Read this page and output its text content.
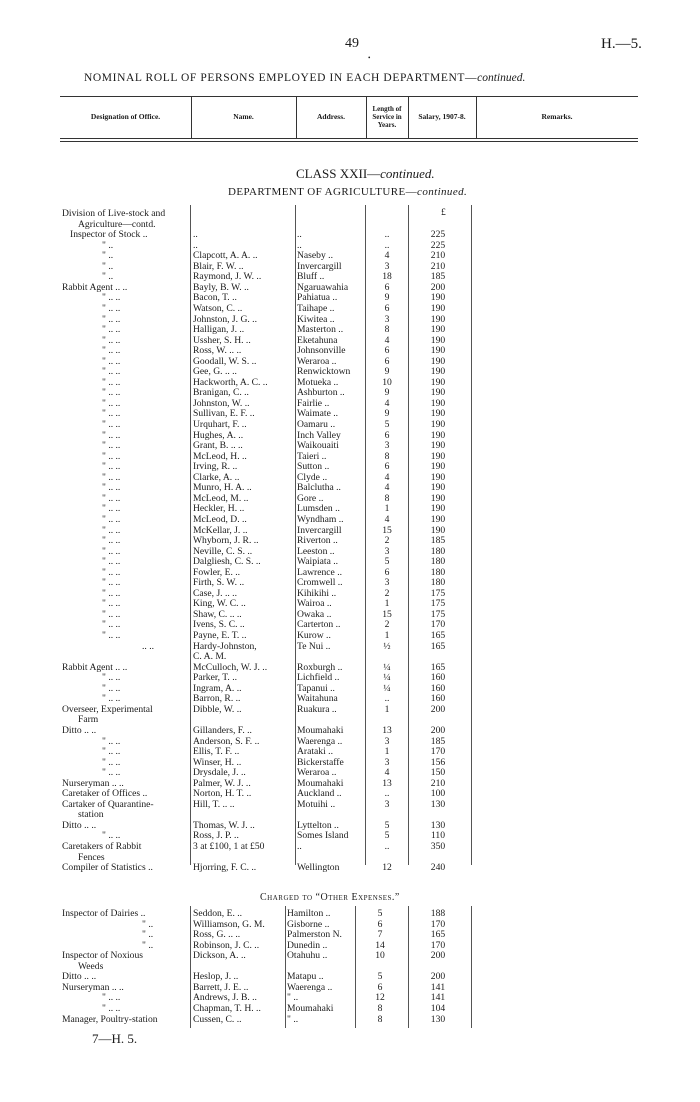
49
•
H.—5.
NOMINAL ROLL OF PERSONS EMPLOYED IN EACH DEPARTMENT—continued.
Designation of Office.	Name.	Address.
Length of Service in Years.
Salary, 1907-8.	Remarks.
CLASS XXII—continued.
DEPARTMENT OF AGRICULTURE—continued.
£
Division of Live-stock and
Agriculture—contd.
Inspector of Stock ..	..	..	..	225
" ..	..	..	..	225
" ..	Clapcott, A. A. ..	Naseby ..	4	210
" ..	Blair, F. W. ..	Invercargill	3	210
" ..	Raymond, J. W. ..	Bluff ..	18	185
Rabbit Agent .. ..	Bayly, B. W. ..	Ngaruawahia	6	200
" .. ..	Bacon, T. ..	Pahiatua ..	9	190
" .. ..	Watson, C. ..	Taihape ..	6	190
" .. ..	Johnston, J. G. ..	Kiwitea ..	3	190
" .. ..	Halligan, J. ..	Masterton ..	8	190
" .. ..	Ussher, S. H. ..	Eketahuna	4	190
" .. ..	Ross, W. .. ..	Johnsonville	6	190
" .. ..	Goodall, W. S. ..	Weraroa ..	6	190
" .. ..	Gee, G. .. ..	Renwicktown	9	190
" .. ..	Hackworth, A. C. ..	Motueka ..	10	190
" .. ..	Branigan, C. ..	Ashburton ..	9	190
" .. ..	Johnston, W. ..	Fairlie ..	4	190
" .. ..	Sullivan, E. F. ..	Waimate ..	9	190
" .. ..	Urquhart, F. ..	Oamaru ..	5	190
" .. ..	Hughes, A. ..	Inch Valley	6	190
" .. ..	Grant, B. .. ..	Waikouaiti	3	190
" .. ..	McLeod, H. ..	Taieri ..	8	190
" .. ..	Irving, R. ..	Sutton ..	6	190
" .. ..	Clarke, A. ..	Clyde ..	4	190
" .. ..	Munro, H. A. ..	Balclutha ..	4	190
" .. ..	McLeod, M. ..	Gore ..	8	190
" .. ..	Heckler, H. ..	Lumsden ..	1	190
" .. ..	McLeod, D. ..	Wyndham ..	4	190
" .. ..	McKellar, J. ..	Invercargill	15	190
" .. ..	Whyborn, J. R. ..	Riverton ..	2	185
" .. ..	Neville, C. S. ..	Leeston ..	3	180
" .. ..	Dalgliesh, C. S. ..	Waipiata ..	5	180
" .. ..	Fowler, E. ..	Lawrence ..	6	180
" .. ..	Firth, S. W. ..	Cromwell ..	3	180
" .. ..	Case, J. .. ..	Kihikihi ..	2	175
" .. ..	King, W. C. ..	Wairoa ..	1	175
" .. ..	Shaw, C. .. ..	Owaka ..	15	175
" .. ..	Ivens, S. C. ..	Carterton ..	2	170
" .. ..	Payne, E. T. ..	Kurow ..	1	165
.. ..	Hardy-Johnston,	Te Nui ..	½	165
C. A. M.
Rabbit Agent .. ..	McCulloch, W. J. ..	Roxburgh ..	¼	165
" .. ..	Parker, T. ..	Lichfield ..	¼	160
" .. ..	Ingram, A. ..	Tapanui ..	¼	160
" .. ..	Barron, R. ..	Waitahuna	..	160
Overseer, Experimental	Dibble, W. ..	Ruakura ..	1	200
Farm
Ditto .. ..	Gillanders, F. ..	Moumahaki	13	200
" .. ..	Anderson, S. F. ..	Waerenga ..	3	185
" .. ..	Ellis, T. F. ..	Arataki ..	1	170
" .. ..	Winser, H. ..	Bickerstaffe	3	156
" .. ..	Drysdale, J. ..	Weraroa ..	4	150
Nurseryman .. ..	Palmer, W. J. ..	Moumahaki	13	210
Caretaker of Offices ..	Norton, H. T. ..	Auckland ..	..	100
Cartaker of Quarantine-	Hill, T. .. ..	Motuihi ..	3	130
station
Ditto .. ..	Thomas, W. J. ..	Lyttelton ..	5	130
" .. ..	Ross, J. P. ..	Somes Island	5	110
Caretakers of Rabbit	3 at £100, 1 at £50	..	..	350
Fences
Compiler of Statistics ..	Hjorring, F. C. ..	Wellington	12	240
Charged to “Other Expenses.”
Inspector of Dairies ..	Seddon, E. ..	Hamilton ..	5	188
" ..	Williamson, G. M.	Gisborne ..	6	170
" ..	Ross, G. .. ..	Palmerston N.	7	165
" ..	Robinson, J. C. ..	Dunedin ..	14	170
Inspector of Noxious	Dickson, A. ..	Otahuhu ..	10	200
Weeds
Ditto .. ..	Heslop, J. ..	Matapu ..	5	200
Nurseryman .. ..	Barrett, J. E. ..	Waerenga ..	6	141
" .. ..	Andrews, J. B. ..	" ..	12	141
" .. ..	Chapman, T. H. ..	Moumahaki	8	104
Manager, Poultry-station	Cussen, C. ..	" ..	8	130
7—H. 5.
